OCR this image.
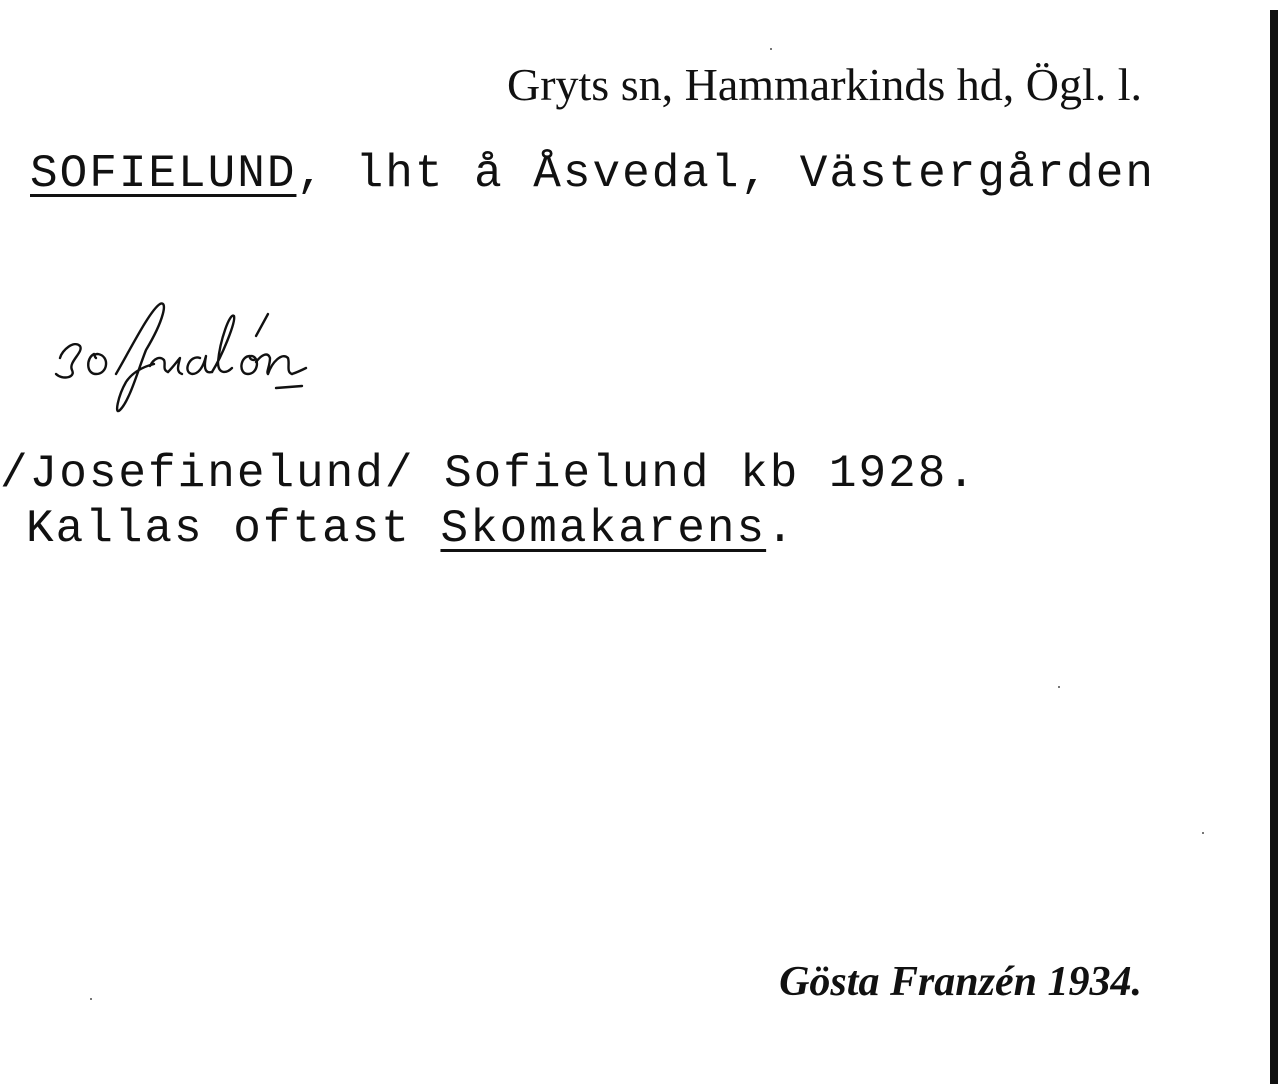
Gryts sn, Hammarkinds hd, Ögl. l.
SOFIELUND, lht å Åsvedal, Västergården
/Josefinelund/ Sofielund kb 1928.
Kallas oftast Skomakarens.
Gösta Franzén 1934.
